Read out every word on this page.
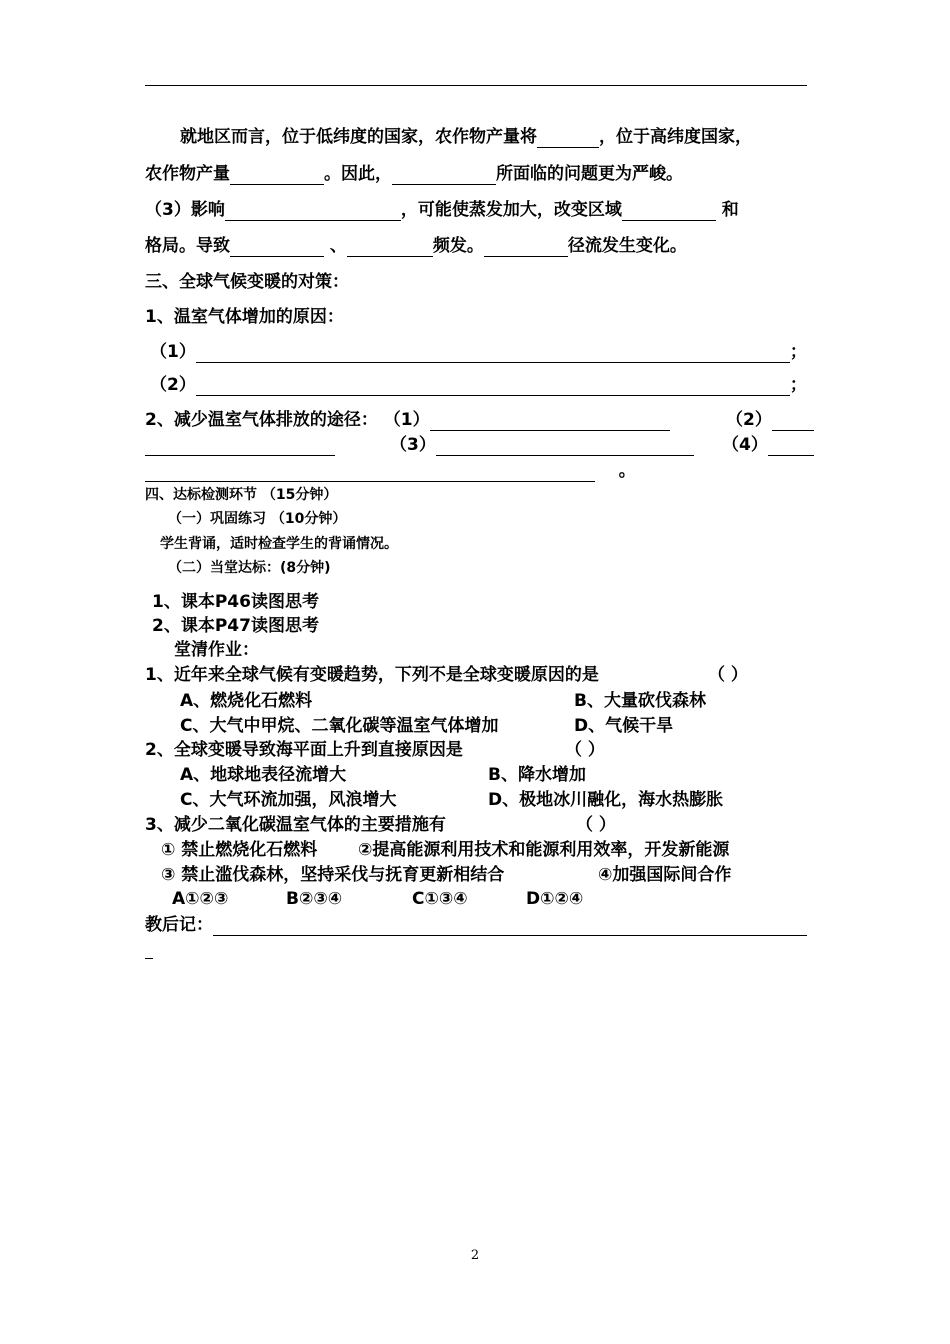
就地区而言，位于低纬度的国家，农作物产量将	，位于高纬度国家，
农作物产量	。因此，	所面临的问题更为严峻。
（3）影响	，可能使蒸发加大，改变区域	和
格局。导致	、	频发。	径流发生变化。
三、全球气候变暖的对策：
1、温室气体增加的原因：
（1）	；
（2）	；
2、减少温室气体排放的途径： （1）	（2）
（3）	（4）
。
四、达标检测环节 （15分钟）
（一）巩固练习 （10分钟）
学生背诵，适时检查学生的背诵情况。
（二）当堂达标：(8分钟)
1、课本P46读图思考
2、课本P47读图思考
堂清作业：
1、近年来全球气候有变暖趋势，下列不是全球变暖原因的是	（ ）
A、燃烧化石燃料	B、大量砍伐森林
C、大气中甲烷、二氧化碳等温室气体增加	D、气候干旱
2、全球变暖导致海平面上升到直接原因是	（ ）
A、地球地表径流增大	B、降水增加
C、大气环流加强，风浪增大	D、极地冰川融化，海水热膨胀
3、减少二氧化碳温室气体的主要措施有	（ ）
① 禁止燃烧化石燃料 ②提高能源利用技术和能源利用效率，开发新能源
③ 禁止滥伐森林，坚持采伐与抚育更新相结合	④加强国际间合作
A①②③	B②③④	C①③④	D①②④
教后记：
2
